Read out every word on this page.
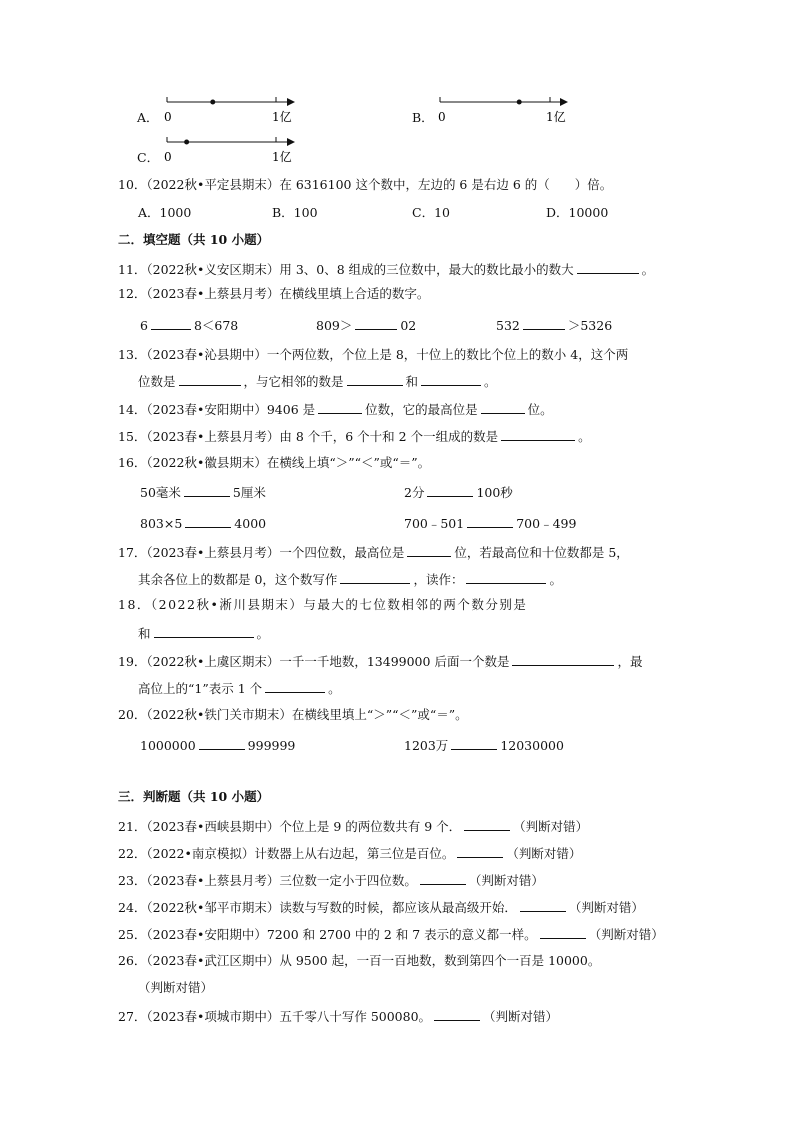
A． 0	1亿	B． 0	1亿
C． 0	1亿
10．（2022秋•平定县期末）在 6316100 这个数中，左边的 6 是右边 6 的（　　）倍。
A．1000	B．100	C．10	D．10000
二．填空题（共 10 小题）
11．（2022秋•义安区期末）用 3、0、8 组成的三位数中，最大的数比最小的数大	。
12．（2023春•上蔡县月考）在横线里填上合适的数字。
6	8＜678	809＞	02	532	＞5326
13．（2023春•沁县期中）一个两位数，个位上是 8，十位上的数比个位上的数小 4，这个两
位数是	，与它相邻的数是	和	。
14．（2023春•安阳期中）9406 是	位数，它的最高位是	位。
15．（2023春•上蔡县月考）由 8 个千，6 个十和 2 个一组成的数是	。
16．（2022秋•徽县期末）在横线上填“＞”“＜”或“＝”。
50毫米	5厘米	2分	100秒
803×5	4000	700﹣501	700﹣499
17．（2023春•上蔡县月考）一个四位数，最高位是	位，若最高位和十位数都是 5，
其余各位上的数都是 0，这个数写作	，读作：	。
18．（2022秋•淅川县期末）与最大的七位数相邻的两个数分别是
和	。
19．（2022秋•上虞区期末）一千一千地数，13499000 后面一个数是	，最
高位上的“1”表示 1 个	。
20．（2022秋•铁门关市期末）在横线里填上“＞”“＜”或“＝”。
1000000	999999	1203万	12030000
三．判断题（共 10 小题）
21．（2023春•西峡县期中）个位上是 9 的两位数共有 9 个．	（判断对错）
22．（2022•南京模拟）计数器上从右边起，第三位是百位。	（判断对错）
23．（2023春•上蔡县月考）三位数一定小于四位数。	（判断对错）
24．（2022秋•邹平市期末）读数与写数的时候，都应该从最高级开始．	（判断对错）
25．（2023春•安阳期中）7200 和 2700 中的 2 和 7 表示的意义都一样。	（判断对错）
26．（2023春•武江区期中）从 9500 起，一百一百地数，数到第四个一百是 10000。
（判断对错）
27．（2023春•项城市期中）五千零八十写作 500080。	（判断对错）
